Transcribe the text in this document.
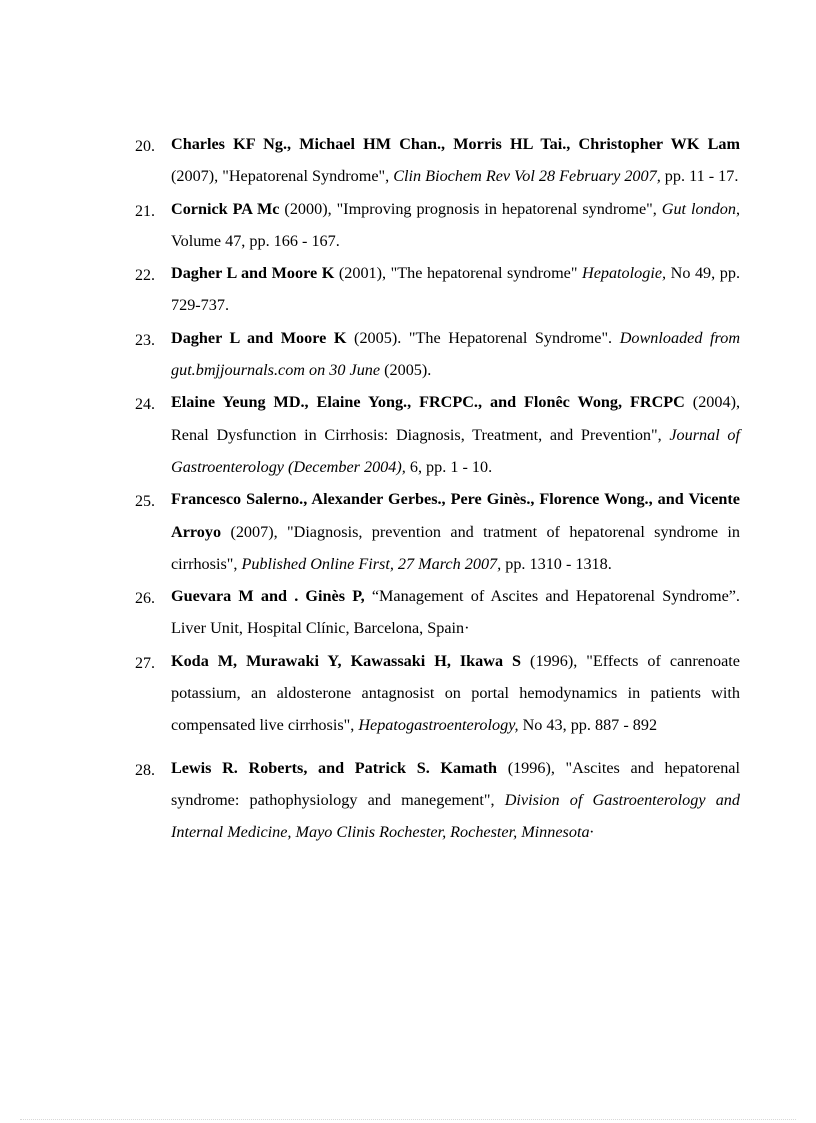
20. Charles KF Ng., Michael HM Chan., Morris HL Tai., Christopher WK Lam (2007), "Hepatorenal Syndrome", Clin Biochem Rev Vol 28 February 2007, pp. 11 - 17.
21. Cornick PA Mc (2000), "Improving prognosis in hepatorenal syndrome", Gut london, Volume 47, pp. 166 - 167.
22. Dagher L and Moore K (2001), "The hepatorenal syndrome" Hepatologie, No 49, pp. 729-737.
23. Dagher L and Moore K (2005). "The Hepatorenal Syndrome". Downloaded from gut.bmjjournals.com on 30 June (2005).
24. Elaine Yeung MD., Elaine Yong., FRCPC., and Flonêc Wong, FRCPC (2004), Renal Dysfunction in Cirrhosis: Diagnosis, Treatment, and Prevention", Journal of Gastroenterology (December 2004), 6, pp. 1 - 10.
25. Francesco Salerno., Alexander Gerbes., Pere Ginès., Florence Wong., and Vicente Arroyo (2007), "Diagnosis, prevention and tratment of hepatorenal syndrome in cirrhosis", Published Online First, 27 March 2007, pp. 1310 - 1318.
26. Guevara M and . Ginès P, “Management of Ascites and Hepatorenal Syndrome”. Liver Unit, Hospital Clínic, Barcelona, Spain·
27. Koda M, Murawaki Y, Kawassaki H, Ikawa S (1996), "Effects of canrenoate potassium, an aldosterone antagnosist on portal hemodynamics in patients with compensated live cirrhosis", Hepatogastroenterology, No 43, pp. 887 - 892
28. Lewis R. Roberts, and Patrick S. Kamath (1996), "Ascites and hepatorenal syndrome: pathophysiology and manegement", Division of Gastroenterology and Internal Medicine, Mayo Clinis Rochester, Rochester, Minnesota·
